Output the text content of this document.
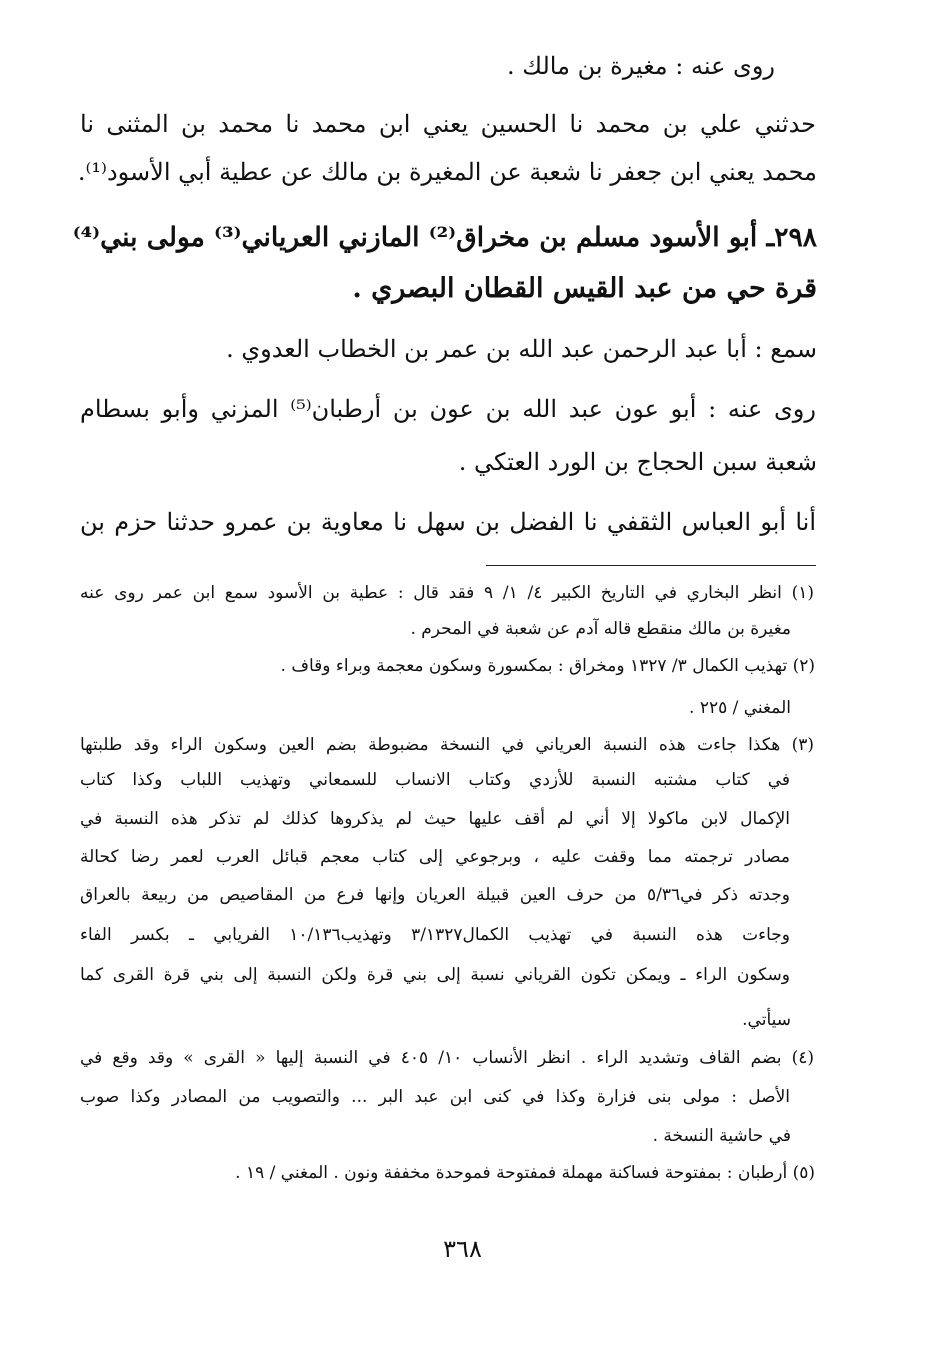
روى عنه : مغيرة بن مالك .
حدثني علي بن محمد نا الحسين يعني ابن محمد نا محمد بن المثنى نا
محمد يعني ابن جعفر نا شعبة عن المغيرة بن مالك عن عطية أبي الأسود⁽¹⁾.
٢٩٨ـ أبو الأسود مسلم بن مخراق⁽²⁾ المازني العرياني⁽³⁾ مولى بني⁽⁴⁾
قرة حي من عبد القيس القطان البصري .
سمع : أبا عبد الرحمن عبد الله بن عمر بن الخطاب العدوي .
روى عنه : أبو عون عبد الله بن عون بن أرطبان⁽⁵⁾ المزني وأبو بسطام
شعبة سبن الحجاج بن الورد العتكي .
أنا أبو العباس الثقفي نا الفضل بن سهل نا معاوية بن عمرو حدثنا حزم بن
(١) انظر البخاري في التاريخ الكبير ٤/ ١/ ٩ فقد قال : عطية بن الأسود سمع ابن عمر روى عنه
مغيرة بن مالك منقطع قاله آدم عن شعبة في المحرم .
(٢) تهذيب الكمال ٣/ ١٣٢٧ ومخراق : بمكسورة وسكون معجمة وبراء وقاف .
المغني / ٢٢٥ .
(٣) هكذا جاءت هذه النسبة العرياني في النسخة مضبوطة بضم العين وسكون الراء وقد طلبتها
في كتاب مشتبه النسبة للأزدي وكتاب الانساب للسمعاني وتهذيب اللباب وكذا كتاب
الإكمال لابن ماكولا إلا أني لم أقف عليها حيث لم يذكروها كذلك لم تذكر هذه النسبة في
مصادر ترجمته مما وقفت عليه ، وبرجوعي إلى كتاب معجم قبائل العرب لعمر رضا كحالة
وجدته ذكر في٥/٣٦ من حرف العين قبيلة العريان وإنها فرع من المقاصيص من ربيعة بالعراق
وجاءت هذه النسبة في تهذيب الكمال٣/١٣٢٧ وتهذيب١٠/١٣٦ الفريابي ـ بكسر الفاء
وسكون الراء ـ ويمكن تكون القرياني نسبة إلى بني قرة ولكن النسبة إلى بني قرة القرى كما
سيأتي.
(٤) بضم القاف وتشديد الراء . انظر الأنساب ١٠/ ٤٠٥ في النسبة إليها « القرى » وقد وقع في
الأصل : مولى بنى فزارة وكذا في كنى ابن عبد البر ... والتصويب من المصادر وكذا صوب
في حاشية النسخة .
(٥) أرطبان : بمفتوحة فساكنة مهملة فمفتوحة فموحدة مخففة ونون . المغني / ١٩ .
٣٦٨
